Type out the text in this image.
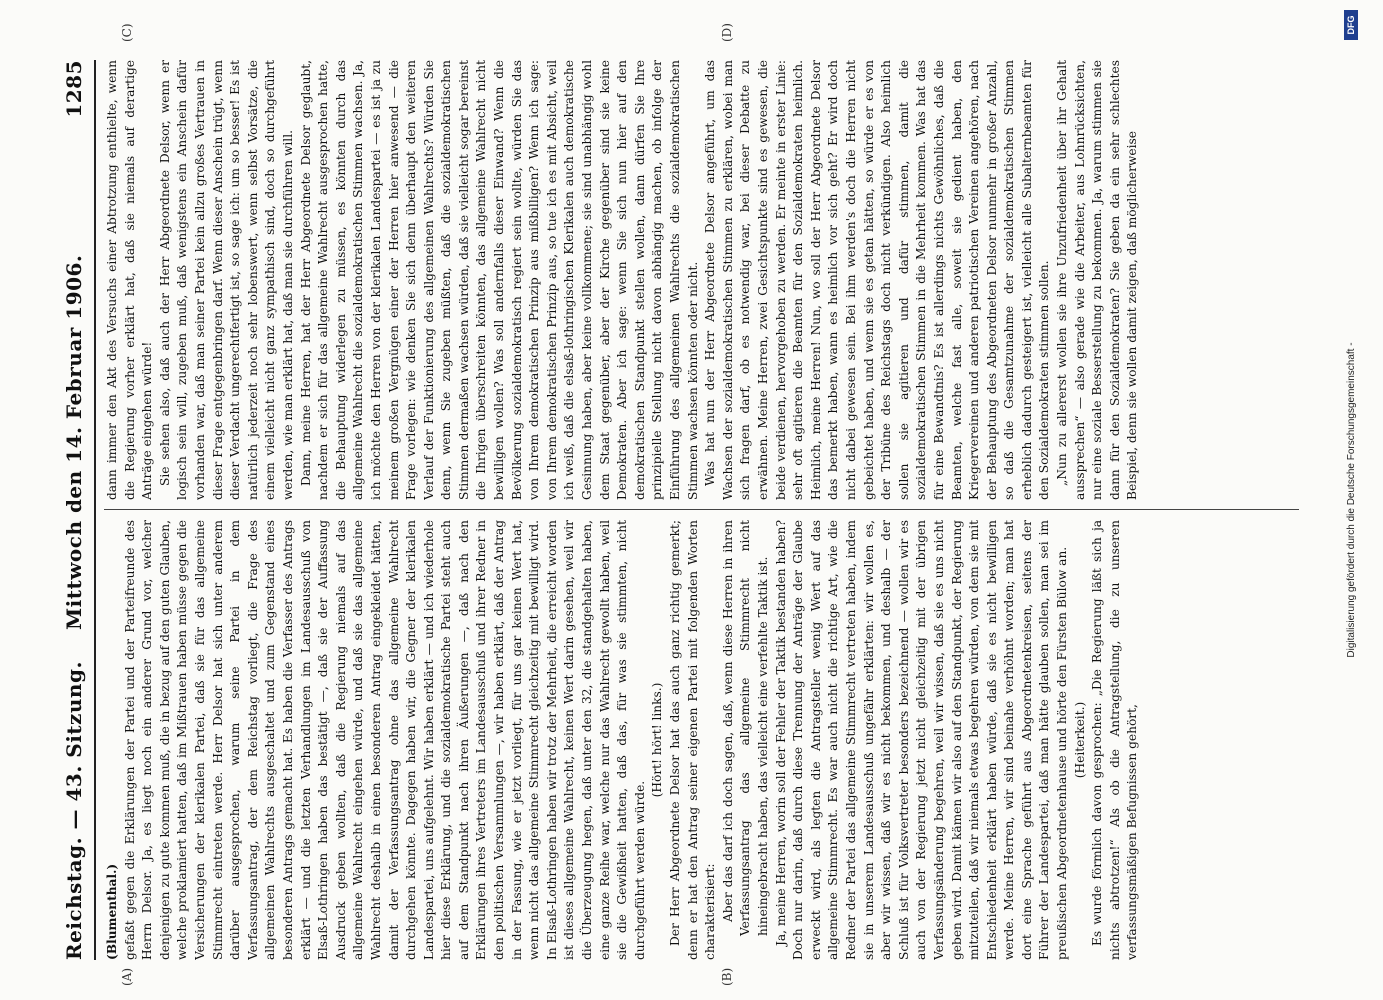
Reichstag. — 43. Sitzung.
Mittwoch den 14. Februar 1906.
1285
(A)	(B)
(C)	(D)

(Blumenthal.) gefaßt gegen die Erklärungen der Partei und der Parteifreunde des Herrn Delsor. Ja, es liegt noch ein anderer Grund vor, welcher denjenigen zu gute kommen muß, die in bezug auf den guten Glauben, welche proklamiert hatten, daß im Mißtrauen haben müsse gegen die Versicherungen der klerikalen Partei, daß sie für das allgemeine Stimmrecht eintreten werde. Herr Delsor hat sich unter anderem darüber ausgesprochen, warum seine Partei in dem Verfassungsantrag, der dem Reichstag vorliegt, die Frage des allgemeinen Wahlrechts ausgeschaltet und zum Gegenstand eines besonderen Antrags gemacht hat. Es haben die Verfasser des Antrags erklärt — und die letzten Verhandlungen im Landesausschuß von Elsaß-Lothringen haben das bestätigt —, daß sie der Auffassung Ausdruck geben wollten, daß die Regierung niemals auf das allgemeine Wahlrecht eingehen würde, und daß sie das allgemeine Wahlrecht deshalb in einen besonderen Antrag eingekleidet hätten, damit der Verfassungsantrag ohne das allgemeine Wahlrecht durchgehen könnte. Dagegen haben wir, die Gegner der klerikalen Landespartei, uns aufgelehnt. Wir haben erklärt — und ich wiederhole hier diese Erklärung, und die sozialdemokratische Partei steht auch auf dem Standpunkt nach ihren Äußerungen —, daß nach den Erklärungen ihres Vertreters im Landesausschuß und ihrer Redner in den politischen Versammlungen —, wir haben erklärt, daß der Antrag in der Fassung, wie er jetzt vorliegt, für uns gar keinen Wert hat, wenn nicht das allgemeine Stimmrecht gleichzeitig mit bewilligt wird. In Elsaß-Lothringen haben wir trotz der Mehrheit, die erreicht worden ist dieses allgemeine Wahlrecht, keinen Wert darin gesehen, weil wir die Überzeugung hegen, daß unter den 32, die standgehalten haben, eine ganze Reihe war, welche nur das Wahlrecht gewollt haben, weil sie die Gewißheit hatten, daß das, für was sie stimmten, nicht durchgeführt werden würde.

(Hört! hört! links.) Der Herr Abgeordnete Delsor hat das auch ganz richtig gemerkt; denn er hat den Antrag seiner eigenen Partei mit folgenden Worten charakterisiert: Aber das darf ich doch sagen, daß, wenn diese Herren in ihren Verfassungsantrag das allgemeine Stimmrecht nicht hineingebracht haben, das vielleicht eine verfehlte Taktik ist. Ja, meine Herren, worin soll der Fehler der Taktik bestanden haben? Doch nur darin, daß durch diese Trennung der Anträge der Glaube erweckt wird, als legten die Antragsteller wenig Wert auf das allgemeine Stimmrecht. Es war auch nicht die richtige Art, wie die Redner der Partei das allgemeine Stimmrecht vertreten haben, indem sie in unserem Landesausschuß ungefähr erklärten: wir wollen es, aber wir wissen, daß wir es nicht bekommen, und deshalb — der Schluß ist für Volksvertreter besonders bezeichnend — wollen wir es auch von der Regierung jetzt nicht gleichzeitig mit der übrigen Verfassungsänderung begehren, weil wir wissen, daß sie es uns nicht geben wird. Damit kämen wir also auf den Standpunkt, der Regierung mitzuteilen, daß wir niemals etwas begehren würden, von dem sie mit Entschiedenheit erklärt haben würde, daß sie es nicht bewilligen werde. Meine Herren, wir sind beinahe verhöhnt worden; man hat dort eine Sprache geführt aus Abgeordnetenkreisen, seitens der Führer der Landespartei, daß man hätte glauben sollen, man sei im preußischen Abgeordnetenhause und hörte den Fürsten Bülow an. (Heiterkeit.) Es wurde förmlich davon gesprochen: „Die Regierung läßt sich ja nichts abtrotzen!“ Als ob die Antragstellung, die zu unseren verfassungsmäßigen Befugnissen gehört,

dann immer den Akt des Versuchs einer Abtrotzung enthielte, wenn die Regierung vorher erklärt hat, daß sie niemals auf derartige Anträge eingehen würde! Sie sehen also, daß auch der Herr Abgeordnete Delsor, wenn er logisch sein will, zugeben muß, daß wenigstens ein Anschein dafür vorhanden war, daß man seiner Partei kein allzu großes Vertrauen in dieser Frage entgegenbringen darf. Wenn dieser Anschein trügt, wenn dieser Verdacht ungerechtfertigt ist, so sage ich: um so besser! Es ist natürlich jederzeit noch sehr lobenswert, wenn selbst Vorsätze, die einem vielleicht nicht ganz sympathisch sind, doch so durchgeführt werden, wie man erklärt hat, daß man sie durchführen will. Dann, meine Herren, hat der Herr Abgeordnete Delsor geglaubt, nachdem er sich für das allgemeine Wahlrecht ausgesprochen hatte, die Behauptung widerlegen zu müssen, es könnten durch das allgemeine Wahlrecht die sozialdemokratischen Stimmen wachsen. Ja, ich möchte den Herren von der klerikalen Landespartei — es ist ja zu meinem großen Vergnügen einer der Herren hier anwesend — die Frage vorlegen: wie denken Sie sich denn überhaupt den weiteren Verlauf der Funktionierung des allgemeinen Wahlrechts? Würden Sie denn, wenn Sie zugeben müßten, daß die sozialdemokratischen Stimmen dermaßen wachsen würden, daß sie vielleicht sogar bereinst die Ihrigen überschreiten könnten, das allgemeine Wahlrecht nicht bewilligen wollen? Was soll andernfalls dieser Einwand? Wenn die Bevölkerung sozialdemokratisch regiert sein wollte, würden Sie das von Ihrem demokratischen Prinzip aus mißbilligen? Wenn ich sage: von Ihrem demokratischen Prinzip aus, so tue ich es mit Absicht, weil ich weiß, daß die elsaß-lothringischen Klerikalen auch demokratische Gesinnung haben, aber keine vollkommene; sie sind unabhängig wohl dem Staat gegenüber, aber der Kirche gegenüber sind sie keine Demokraten. Aber ich sage: wenn Sie sich nun hier auf den demokratischen Standpunkt stellen wollen, dann dürfen Sie Ihre prinzipielle Stellung nicht davon abhängig machen, ob infolge der Einführung des allgemeinen Wahlrechts die sozialdemokratischen Stimmen wachsen könnten oder nicht. Was hat nun der Herr Abgeordnete Delsor angeführt, um das Wachsen der sozialdemokratischen Stimmen zu erklären, wobei man sich fragen darf, ob es notwendig war, bei dieser Debatte zu erwähnen. Meine Herren, zwei Gesichtspunkte sind es gewesen, die beide verdienen, hervorgehoben zu werden. Er meinte in erster Linie: sehr oft agitieren die Beamten für den Sozialdemokraten heimlich. Heimlich, meine Herren! Nun, wo soll der Herr Abgeordnete Delsor das bemerkt haben, wann es heimlich vor sich geht? Er wird doch nicht dabei gewesen sein. Bei ihm werden's doch die Herren nicht gebeichtet haben, und wenn sie es getan hätten, so würde er es von der Tribüne des Reichstags doch nicht verkündigen. Also heimlich sollen sie agitieren und dafür stimmen, damit die sozialdemokratischen Stimmen in die Mehrheit kommen. Was hat das für eine Bewandtnis? Es ist allerdings nichts Gewöhnliches, daß die Beamten, welche fast alle, soweit sie gedient haben, den Kriegervereinen und anderen patriotischen Vereinen angehören, nach der Behauptung des Abgeordneten Delsor nunmehr in großer Anzahl, so daß die Gesamtzunahme der sozialdemokratischen Stimmen erheblich dadurch gesteigert ist, vielleicht alle Subalternbeamten für den Sozialdemokraten stimmen sollen. „Nun zu allererst wollen sie ihre Unzufriedenheit über ihr Gehalt aussprechen“ — also gerade wie die Arbeiter, aus Lohnrücksichten, nur eine soziale Besserstellung zu bekommen. Ja, warum stimmen sie dann für den Sozialdemokraten? Sie geben da ein sehr schlechtes Beispiel, denn sie wollen damit zeigen, daß möglicherweise

Digitalisierung gefördert durch die Deutsche Forschungsgemeinschaft -
DFG
